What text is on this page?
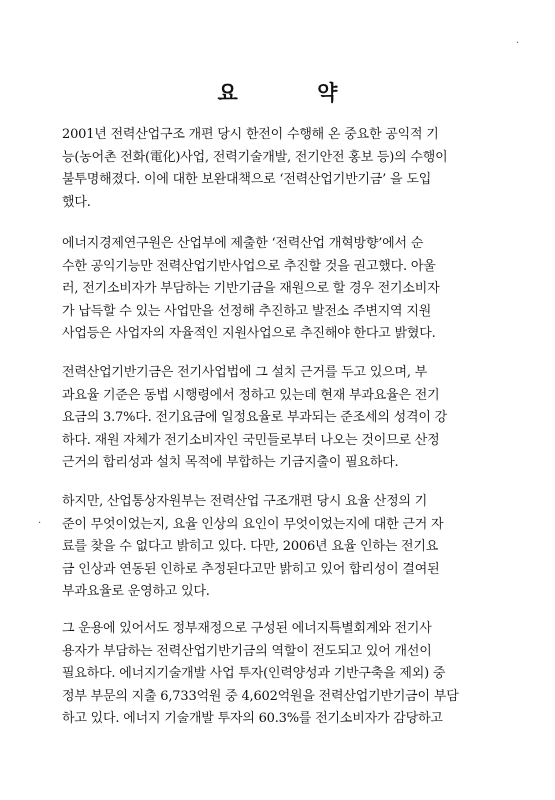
요 약
2001년 전력산업구조 개편 당시 한전이 수행해 온 중요한 공익적 기
능(농어촌 전화(電化)사업, 전력기술개발, 전기안전 홍보 등)의 수행이
불투명해졌다. 이에 대한 보완대책으로 ‘전력산업기반기금’ 을 도입
했다.
에너지경제연구원은 산업부에 제출한 ‘전력산업 개혁방향’에서 순
수한 공익기능만 전력산업기반사업으로 추진할 것을 권고했다. 아울
러, 전기소비자가 부담하는 기반기금을 재원으로 할 경우 전기소비자
가 납득할 수 있는 사업만을 선정해 추진하고 발전소 주변지역 지원
사업등은 사업자의 자율적인 지원사업으로 추진해야 한다고 밝혔다.
전력산업기반기금은 전기사업법에 그 설치 근거를 두고 있으며, 부
과요율 기준은 동법 시행령에서 정하고 있는데 현재 부과요율은 전기
요금의 3.7%다. 전기요금에 일정요율로 부과되는 준조세의 성격이 강
하다. 재원 자체가 전기소비자인 국민들로부터 나오는 것이므로 산정
근거의 합리성과 설치 목적에 부합하는 기금지출이 필요하다.
하지만, 산업통상자원부는 전력산업 구조개편 당시 요율 산정의 기
준이 무엇이었는지, 요율 인상의 요인이 무엇이었는지에 대한 근거 자
료를 찾을 수 없다고 밝히고 있다. 다만, 2006년 요율 인하는 전기요
금 인상과 연동된 인하로 추정된다고만 밝히고 있어 합리성이 결여된
부과요율로 운영하고 있다.
그 운용에 있어서도 정부재정으로 구성된 에너지특별회계와 전기사
용자가 부담하는 전력산업기반기금의 역할이 전도되고 있어 개선이
필요하다. 에너지기술개발 사업 투자(인력양성과 기반구축을 제외) 중
정부 부문의 지출 6,733억원 중 4,602억원을 전력산업기반기금이 부담
하고 있다. 에너지 기술개발 투자의 60.3%를 전기소비자가 감당하고
·
·
